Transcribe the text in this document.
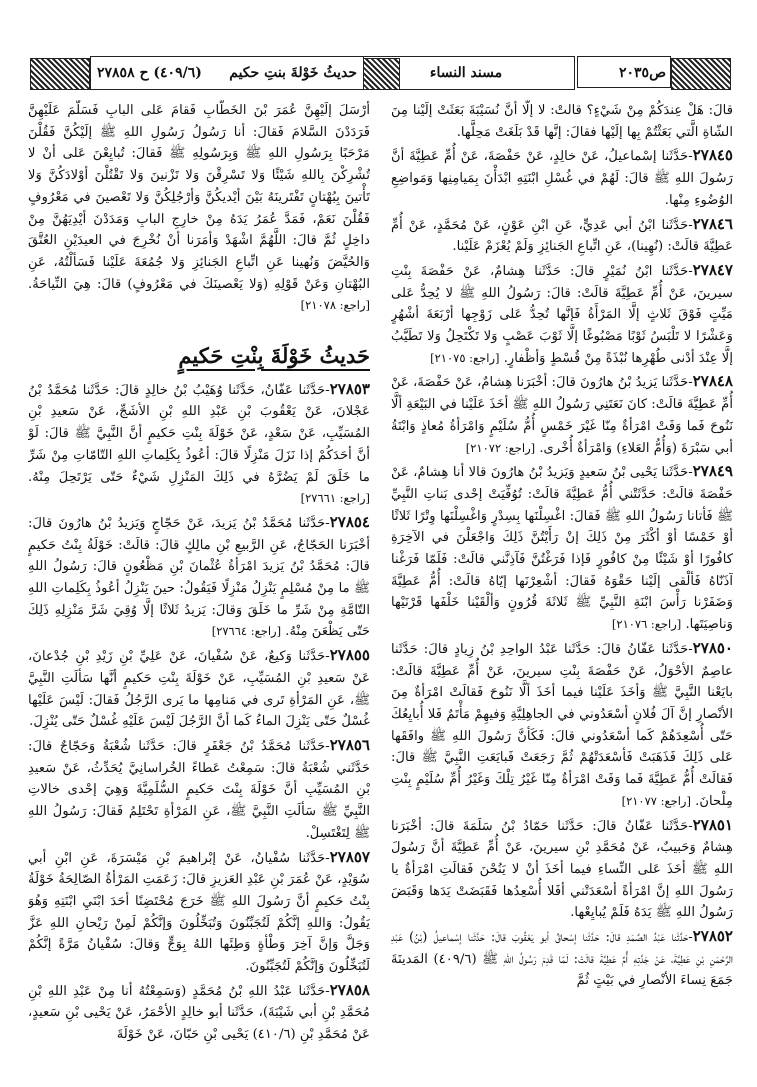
ص٢٠٣٥
مسند النساء
حديثُ خَوْلةَ بنتِ حكيم
(٤٠٩/٦) ح ٢٧٨٥٨

قالَ: هَلْ عِندَكُمْ مِنْ شَيْءٍ؟ قالتْ: لا إلَّا أنَّ نُسَيْبَةَ بَعَثَتْ إلَيْنا مِنَ الشّاةِ الَّتي بَعَثْتُمْ بِها إلَيْها فقالَ: إنَّها قَدْ بَلَغَتْ مَحِلَّها.

٢٧٨٤٥-حَدَّثَنا إسْماعيلُ، عَنْ خالِدٍ، عَنْ حَفْصَةَ، عَنْ أُمِّ عَطِيَّةَ أنَّ رَسُولَ اللهِ ﷺ قالَ: لَهُمْ في غُسْلِ ابْنَتِهِ ابْدَأْنَ بِمَيامِنِها وَمَواضِعِ الوُضُوءِ مِنْها.

٢٧٨٤٦-حَدَّثَنا ابْنُ أبي عَدِيٍّ، عَنِ ابْنِ عَوْنٍ، عَنْ مُحَمَّدٍ، عَنْ أُمِّ عَطِيَّةَ قالَتْ: (نُهِينا)، عَنِ اتِّباعِ الجَنائِزِ وَلَمْ يُعْزَمْ عَلَيْنا.

٢٧٨٤٧-حَدَّثَنا ابْنُ نُمَيْرٍ قالَ: حَدَّثَنا هِشامٌ، عَنْ حَفْصَةَ بِنْتِ سيرينَ، عَنْ أُمِّ عَطِيَّةَ قالَتْ: قالَ: رَسُولُ اللهِ ﷺ لا يُحِدُّ عَلى مَيِّتٍ فَوْقَ ثَلاثٍ إلَّا المَرْأَةُ فَإنَّها تُحِدُّ عَلى زَوْجِها أرْبَعَةَ أشْهُرٍ وَعَشْرًا لا تَلْبَسُ ثَوْبًا مَصْبُوغًا إلَّا ثَوْبَ عَصْبٍ وَلا تَكْتَحِلُ وَلا تَطَيَّبُ إلَّا عِنْدَ أدْنى طُهْرِها نُبْذَةً مِنْ قُسْطٍ وَأظْفارٍ. [راجع: ٢١٠٧٥]

٢٧٨٤٨-حَدَّثَنا يَزيدُ بْنُ هارُونَ قالَ: أخْبَرَنا هِشامٌ، عَنْ حَفْصَةَ، عَنْ أُمِّ عَطِيَّةَ قالَتْ: كانَ نَعَتَنِي رَسُولُ اللهِ ﷺ أخَذَ عَلَيْنا في البَيْعَةِ ألَّا نَنُوحَ فَما وَفَتْ امْرَأةٌ مِنّا غَيْرَ خَمْسٍ أُمُّ سُلَيْمٍ وَامْرَأةُ مُعاذٍ وَابْنَةُ أبي سَبْرَةَ (وَأُمُّ العَلاءِ) وَامْرَأةٌ أُخْرى. [راجع: ٢١٠٧٢]

٢٧٨٤٩-حَدَّثَنا يَحْيى بْنُ سَعيدٍ وَيَزيدُ بْنُ هارُونَ قالا أنا هِشامٌ، عَنْ حَفْصَةَ قالَتْ: حَدَّثَتْني أُمُّ عَطِيَّةَ قالَتْ: تُوُفِّيَتْ إحْدى بَناتِ النَّبِيِّ ﷺ فَأتانا رَسُولُ اللهِ ﷺ فَقالَ: اغْسِلْنَها بِسِدْرٍ وَاغْسِلْنَها وِتْرًا ثَلاثًا أوْ خَمْسًا أوْ أكْثَرَ مِنْ ذَلِكَ إنْ رَأَيْتُنَّ ذَلِكَ وَاجْعَلْنَ في الآخِرَةِ كافُورًا أوْ شَيْئًا مِنْ كافُورٍ فَإذا فَرَغْتُنَّ فَآذِنَّني قالَتْ: فَلَمّا فَرَغْنا آذَنّاهُ فَألْقى إلَيْنا حَقْوَهُ فَقالَ: أشْعِرْنَها إيّاهُ قالَتْ: أُمُّ عَطِيَّةَ وَضَفَرْنا رَأْسَ ابْنَةِ النَّبِيِّ ﷺ ثَلاثَةَ قُرُونٍ وَألْقَيْنا خَلْفَها قَرْنَيْها وَناصِيَتَها. [راجع: ٢١٠٧٦]

٢٧٨٥٠-حَدَّثَنا عَفّانُ قالَ: حَدَّثَنا عَبْدُ الواحِدِ بْنُ زِيادٍ قالَ: حَدَّثَنا عاصِمٌ الأحْوَلُ، عَنْ حَفْصَةَ بِنْتِ سيرينَ، عَنْ أُمِّ عَطِيَّةَ قالَتْ: بايَعْنا النَّبِيَّ ﷺ وَأخَذَ عَلَيْنا فيما أخَذَ ألَّا نَنُوحَ فَقالَتْ امْرَأةٌ مِنَ الأنْصارِ إنَّ آلَ فُلانٍ أسْعَدُوني في الجاهِلِيَّةِ وَفيهِمْ مَأْتَمٌ فَلا أُبايِعُكَ حَتّى أُسْعِدَهُمْ كَما أسْعَدُوني قالَ: فَكَأنَّ رَسُولَ اللهِ ﷺ وافَقَها عَلى ذَلِكَ فَذَهَبَتْ فَأسْعَدَتْهُمْ ثُمَّ رَجَعَتْ فَبايَعَتِ النَّبِيَّ ﷺ قالَ: فَقالَتْ أُمُّ عَطِيَّةَ فَما وَفَتْ امْرَأةٌ مِنّا غَيْرُ تِلْكَ وَغَيْرُ أُمِّ سُلَيْمٍ بِنْتِ مِلْحانَ. [راجع: ٢١٠٧٧]

٢٧٨٥١-حَدَّثَنا عَفّانُ قالَ: حَدَّثَنا حَمّادُ بْنُ سَلَمَةَ قالَ: أخْبَرَنا هِشامٌ وَحَبيبٌ، عَنْ مُحَمَّدِ بْنِ سيرينَ، عَنْ أُمِّ عَطِيَّةَ أنَّ رَسُولَ اللهِ ﷺ أخَذَ عَلى النِّساءِ فيما أخَذَ أنْ لا يَنُحْنَ فَقالَتِ امْرَأةٌ يا رَسُولَ اللهِ إنَّ امْرَأةً أسْعَدَتْني أفَلا أُسْعِدُها فَقَبَضَتْ يَدَها وَقَبَضَ رَسُولُ اللهِ ﷺ يَدَهُ فَلَمْ يُبايِعْها.

٢٧٨٥٢-حَدَّثَنا عَبْدُ الصَّمَدِ قالَ: حَدَّثَنا إسْحاقُ أبو يَعْقُوبَ قالَ: حَدَّثَنا إسْماعيلُ (بْنُ) عَبْدِ الرَّحْمَنِ بْنِ عَطِيَّةَ، عَنْ جَدَّتِهِ أُمِّ عَطِيَّةَ قالَتْ: لَمّا قَدِمَ رَسُولُ اللهِ ﷺ (٤٠٩/٦) المَدينَةَ جَمَعَ نِساءَ الأنْصارِ في بَيْتٍ ثُمَّ

أرْسَلَ إلَيْهِنَّ عُمَرَ بْنَ الخَطّابِ فَقامَ عَلى البابِ فَسَلَّمَ عَلَيْهِنَّ فَرَدَدْنَ السَّلامَ فَقالَ: أنا رَسُولُ رَسُولِ اللهِ ﷺ إلَيْكُنَّ فَقُلْنَ مَرْحَبًا بِرَسُولِ اللهِ ﷺ وَبِرَسُولِهِ ﷺ فَقالَ: تُبايِعْنَ عَلى أنْ لا تُشْرِكْنَ بِاللهِ شَيْئًا وَلا تَسْرِقْنَ وَلا تَزْنينَ وَلا تَقْتُلْنَ أوْلادَكُنَّ وَلا تَأْتينَ بِبُهْتانٍ تَفْتَرينَهُ بَيْنَ أيْديكُنَّ وَأرْجُلِكُنَّ وَلا تَعْصينَ في مَعْرُوفٍ فَقُلْنَ نَعَمْ، فَمَدَّ عُمَرُ يَدَهُ مِنْ خارِجِ البابِ وَمَدَدْنَ أيْدِيَهُنَّ مِنْ داخِلٍ ثُمَّ قالَ: اللَّهُمَّ اشْهَدْ وَأمَرَنا أنْ نُخْرِجَ في العيدَيْنِ العُتَّقَ وَالحُيَّضَ وَنُهينا عَنِ اتِّباعِ الجَنائِزِ وَلا جُمُعَةَ عَلَيْنا فَسَألْتُهُ، عَنِ البُهْتانِ وَعَنْ قَوْلِهِ (وَلا يَعْصينَكَ في مَعْرُوفٍ) قالَ: هِيَ النِّياحَةُ. [راجع: ٢١٠٧٨]

حَديثُ خَوْلَةَ بِنْتِ حَكيمٍ

٢٧٨٥٣-حَدَّثَنا عَفّانُ، حَدَّثَنا وُهَيْبُ بْنُ خالِدٍ قالَ: حَدَّثَنا مُحَمَّدُ بْنُ عَجْلانَ، عَنْ يَعْقُوبَ بْنِ عَبْدِ اللهِ بْنِ الأشَجِّ، عَنْ سَعيدِ بْنِ المُسَيِّبِ، عَنْ سَعْدٍ، عَنْ خَوْلَةَ بِنْتِ حَكيمٍ أنَّ النَّبِيَّ ﷺ قالَ: لَوْ أنَّ أحَدَكُمْ إذا نَزَلَ مَنْزِلًا قالَ: أعُوذُ بِكَلِماتِ اللهِ التّامّاتِ مِنْ شَرِّ ما خَلَقَ لَمْ يَضُرَّهُ في ذَلِكَ المَنْزِلِ شَيْءٌ حَتّى يَرْتَحِلَ مِنْهُ. [راجع: ٢٧٦٦١]

٢٧٨٥٤-حَدَّثَنا مُحَمَّدُ بْنُ يَزيدَ، عَنْ حَجّاجٍ وَيَزيدُ بْنُ هارُونَ قالَ: أخْبَرَنا الحَجّاجُ، عَنِ الرَّبيعِ بْنِ مالِكٍ قالَ: قالَتْ: خَوْلَةُ بِنْتُ حَكيمٍ قالَ: مُحَمَّدُ بْنُ يَزيدَ امْرَأةُ عُثْمانَ بْنِ مَظْعُونٍ قالَ: رَسُولُ اللهِ ﷺ ما مِنْ مُسْلِمٍ يَنْزِلُ مَنْزِلًا فَيَقُولُ: حينَ يَنْزِلُ أعُوذُ بِكَلِماتِ اللهِ التّامَّةِ مِنْ شَرِّ ما خَلَقَ وَقالَ: يَزيدُ ثَلاثًا إلَّا وُقِيَ شَرَّ مَنْزِلِهِ ذَلِكَ حَتّى يَظْعَنَ مِنْهُ. [راجع: ٢٧٦٦٤]

٢٧٨٥٥-حَدَّثَنا وَكيعٌ، عَنْ سُفْيانَ، عَنْ عَلِيِّ بْنِ زَيْدِ بْنِ جُدْعانَ، عَنْ سَعيدِ بْنِ المُسَيِّبِ، عَنْ خَوْلَةَ بِنْتِ حَكيمٍ أنَّها سَألَتِ النَّبِيَّ ﷺ، عَنِ المَرْأةِ تَرى في مَنامِها ما يَرى الرَّجُلُ فَقالَ: لَيْسَ عَلَيْها غُسْلٌ حَتّى يَنْزِلَ الماءُ كَما أنَّ الرَّجُلَ لَيْسَ عَلَيْهِ غُسْلٌ حَتّى يُنْزِلَ.

٢٧٨٥٦-حَدَّثَنا مُحَمَّدُ بْنُ جَعْفَرٍ قالَ: حَدَّثَنا شُعْبَةُ وَحَجّاجٌ قالَ: حَدَّثَني شُعْبَةُ قالَ: سَمِعْتُ عَطاءً الخُراسانِيَّ يُحَدِّثُ، عَنْ سَعيدِ بْنِ المُسَيِّبِ أنَّ خَوْلَةَ بِنْتَ حَكيمٍ السُّلَمِيَّةَ وَهِيَ إحْدى خالاتِ النَّبِيِّ ﷺ سَألَتِ النَّبِيَّ ﷺ، عَنِ المَرْأةِ تَحْتَلِمُ فَقالَ: رَسُولُ اللهِ ﷺ لِتَغْتَسِلْ.

٢٧٨٥٧-حَدَّثَنا سُفْيانُ، عَنْ إبْراهيمَ بْنِ مَيْسَرَةَ، عَنِ ابْنِ أبي سُوَيْدٍ، عَنْ عُمَرَ بْنِ عَبْدِ العَزيزِ قالَ: زَعَمَتِ المَرْأةُ الصّالِحَةُ خَوْلَةُ بِنْتُ حَكيمٍ أنَّ رَسُولَ اللهِ ﷺ خَرَجَ مُحْتَضِنًا أحَدَ ابْنَيِ ابْنَتِهِ وَهُوَ يَقُولُ: وَاللهِ إنَّكُمْ لَتُجَبِّنُونَ وَتُبَخِّلُونَ وَإنَّكُمْ لَمِنْ رَيْحانِ اللهِ عَزَّ وَجَلَّ وَإنَّ آخِرَ وَطْأةٍ وَطِئَها اللهُ بِوَجٍّ وَقالَ: سُفْيانُ مَرَّةً إنَّكُمْ لَتُبَخِّلُونَ وَإنَّكُمْ لَتُجَبِّنُونَ.

٢٧٨٥٨-حَدَّثَنا عَبْدُ اللهِ بْنُ مُحَمَّدٍ (وَسَمِعْتُهُ أنا مِنْ عَبْدِ اللهِ بْنِ مُحَمَّدِ بْنِ أبي شَيْبَةَ)، حَدَّثَنا أبو خالِدٍ الأحْمَرُ، عَنْ يَحْيى بْنِ سَعيدٍ، عَنْ مُحَمَّدِ بْنِ (٤١٠/٦) يَحْيى بْنِ حَبّانَ، عَنْ خَوْلَةَ
